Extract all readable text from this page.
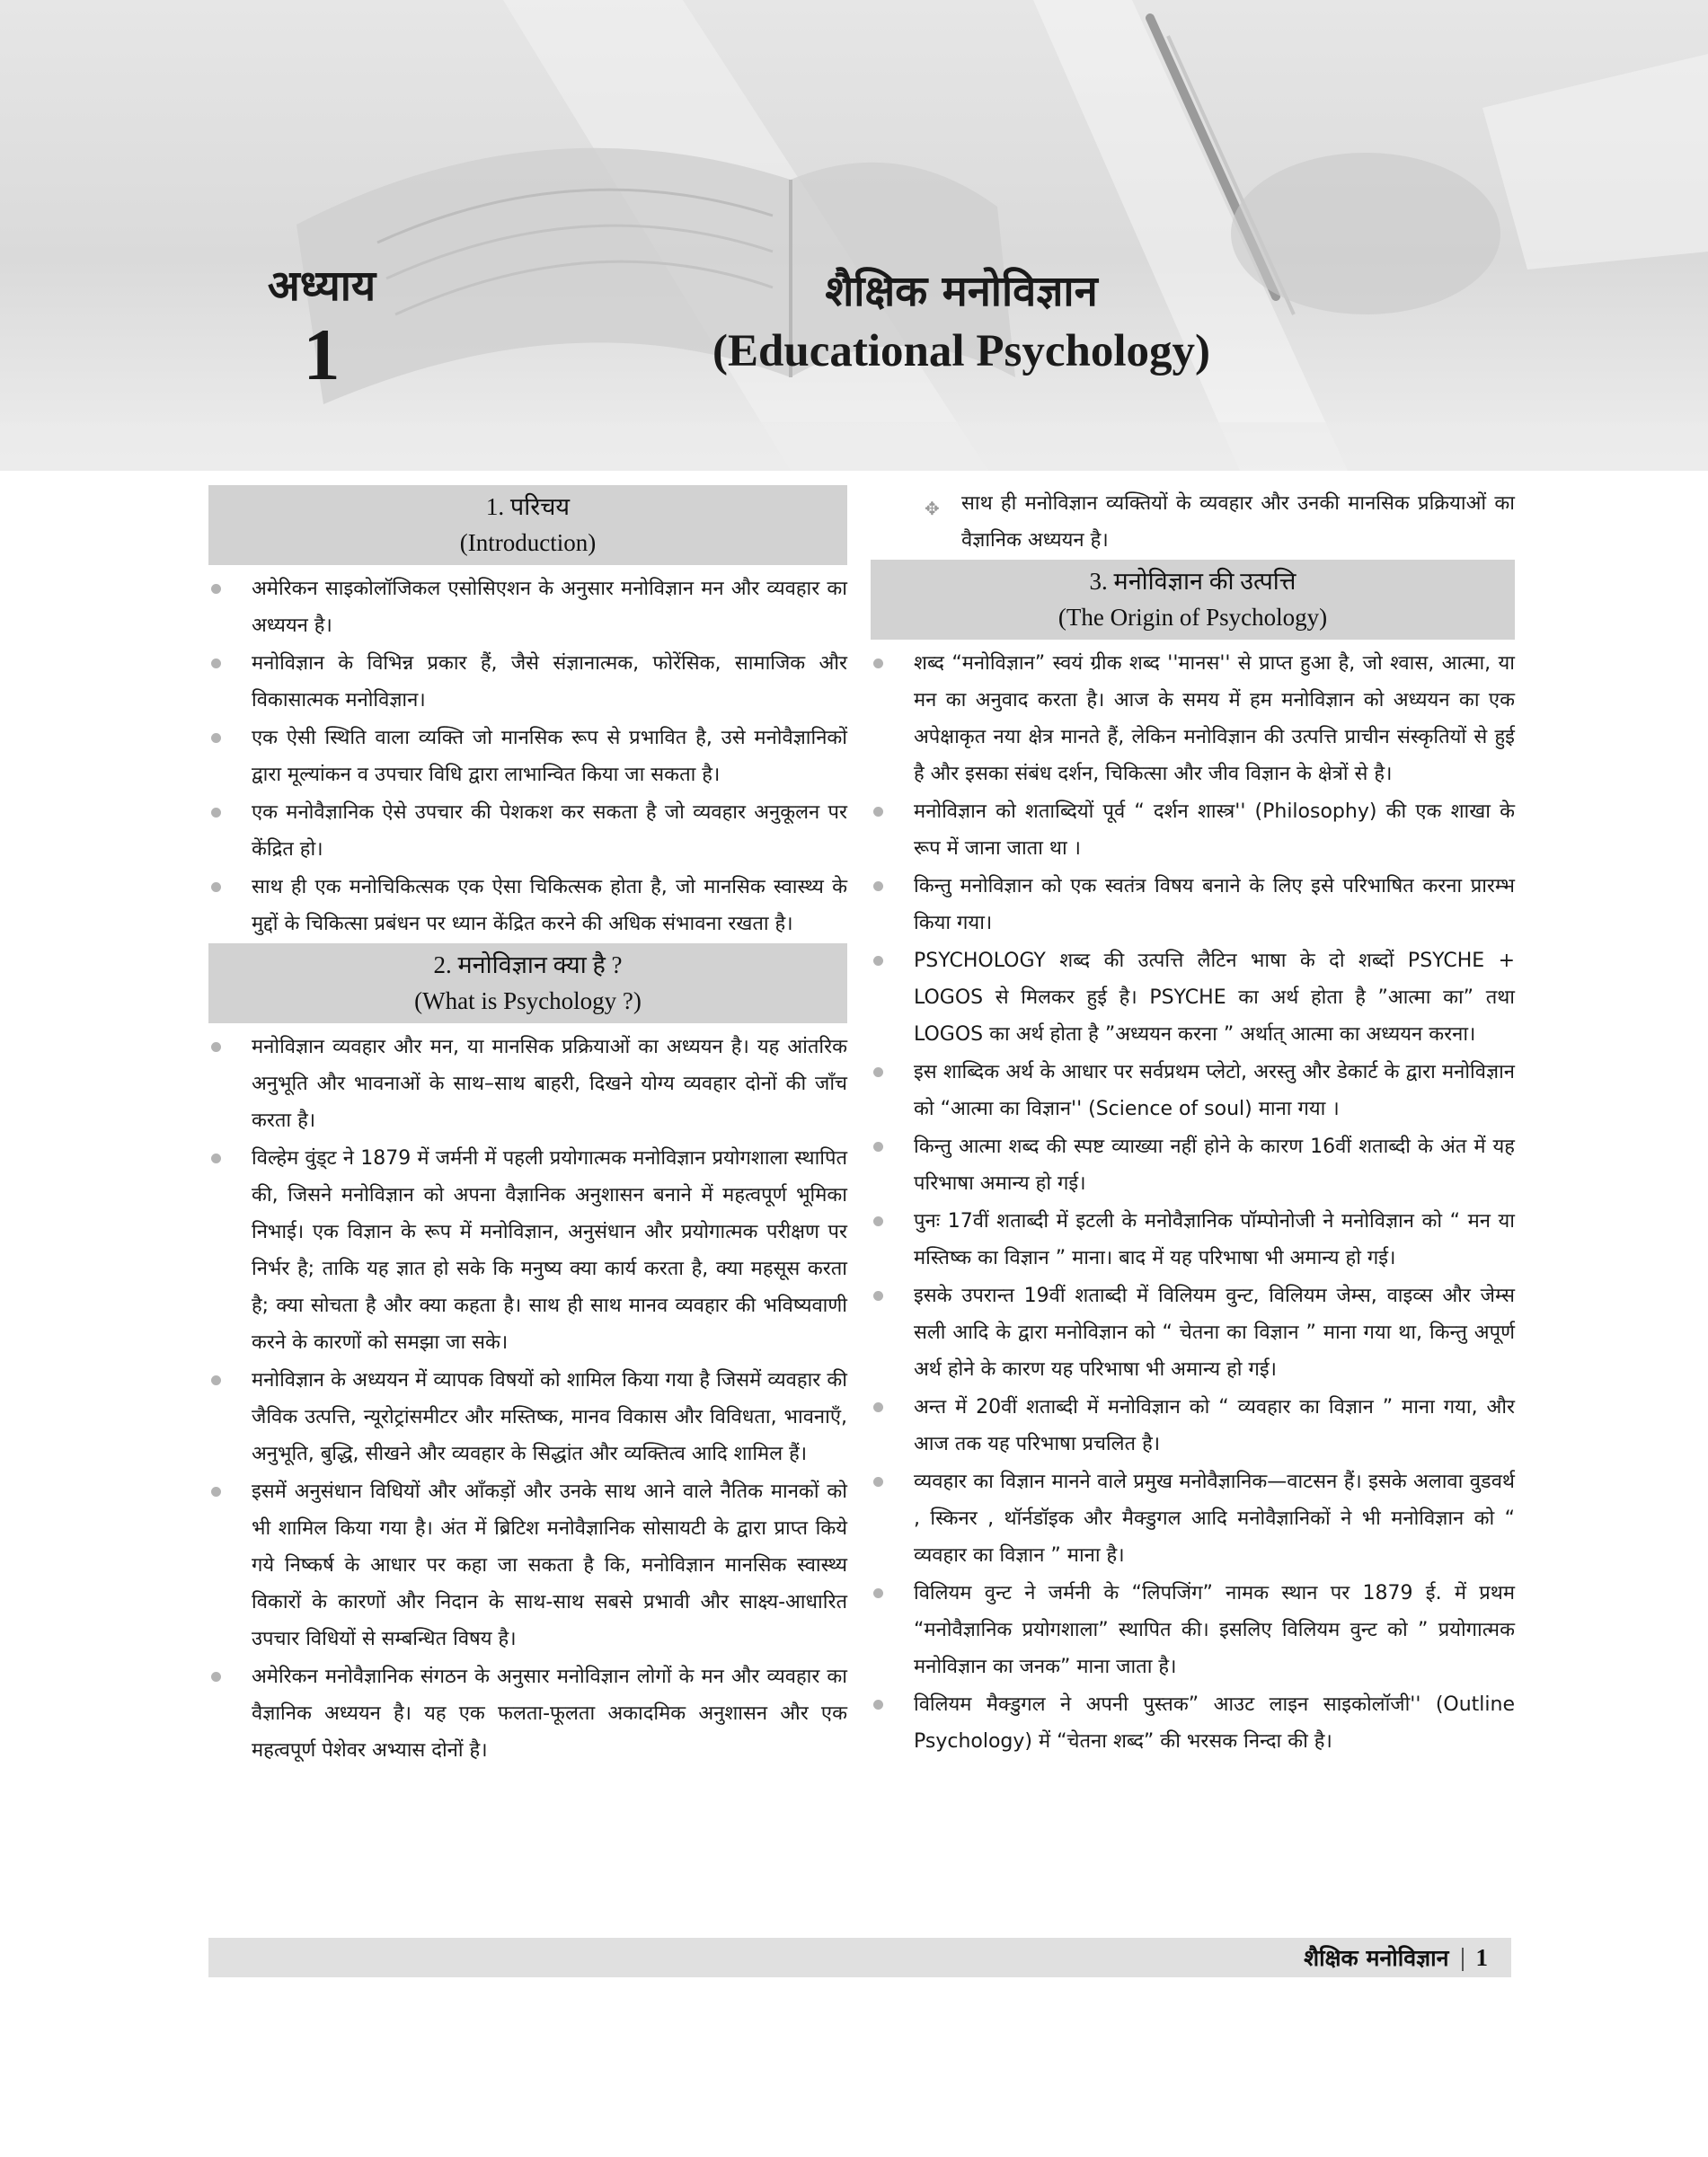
अध्याय
1
शैक्षिक मनोविज्ञान
(Educational Psychology)
1. परिचय
(Introduction)
अमेरिकन साइकोलॉजिकल एसोसिएशन के अनुसार मनोविज्ञान मन और व्यवहार का अध्ययन है।
मनोविज्ञान के विभिन्न प्रकार हैं, जैसे संज्ञानात्मक, फोरेंसिक, सामाजिक और विकासात्मक मनोविज्ञान।
एक ऐसी स्थिति वाला व्यक्ति जो मानसिक रूप से प्रभावित है, उसे मनोवैज्ञानिकों द्वारा मूल्यांकन व उपचार विधि द्वारा लाभान्वित किया जा सकता है।
एक मनोवैज्ञानिक ऐसे उपचार की पेशकश कर सकता है जो व्यवहार अनुकूलन पर केंद्रित हो।
साथ ही एक मनोचिकित्सक एक ऐसा चिकित्सक होता है, जो मानसिक स्वास्थ्य के मुद्दों के चिकित्सा प्रबंधन पर ध्यान केंद्रित करने की अधिक संभावना रखता है।
2. मनोविज्ञान क्या है ?
(What is Psychology ?)
मनोविज्ञान व्यवहार और मन, या मानसिक प्रक्रियाओं का अध्ययन है। यह आंतरिक अनुभूति और भावनाओं के साथ–साथ बाहरी, दिखने योग्य व्यवहार दोनों की जाँच करता है।
विल्हेम वुंड्ट ने 1879 में जर्मनी में पहली प्रयोगात्मक मनोविज्ञान प्रयोगशाला स्थापित की, जिसने मनोविज्ञान को अपना वैज्ञानिक अनुशासन बनाने में महत्वपूर्ण भूमिका निभाई। एक विज्ञान के रूप में मनोविज्ञान, अनुसंधान और प्रयोगात्मक परीक्षण पर निर्भर है; ताकि यह ज्ञात हो सके कि मनुष्य क्या कार्य करता है, क्या महसूस करता है; क्या सोचता है और क्या कहता है। साथ ही साथ मानव व्यवहार की भविष्यवाणी करने के कारणों को समझा जा सके।
मनोविज्ञान के अध्ययन में व्यापक विषयों को शामिल किया गया है जिसमें व्यवहार की जैविक उत्पत्ति, न्यूरोट्रांसमीटर और मस्तिष्क, मानव विकास और विविधता, भावनाएँ, अनुभूति, बुद्धि, सीखने और व्यवहार के सिद्धांत और व्यक्तित्व आदि शामिल हैं।
इसमें अनुसंधान विधियों और आँकड़ों और उनके साथ आने वाले नैतिक मानकों को भी शामिल किया गया है। अंत में ब्रिटिश मनोवैज्ञानिक सोसायटी के द्वारा प्राप्त किये गये निष्कर्ष के आधार पर कहा जा सकता है कि, मनोविज्ञान मानसिक स्वास्थ्य विकारों के कारणों और निदान के साथ-साथ सबसे प्रभावी और साक्ष्य-आधारित उपचार विधियों से सम्बन्धित विषय है।
अमेरिकन मनोवैज्ञानिक संगठन के अनुसार मनोविज्ञान लोगों के मन और व्यवहार का वैज्ञानिक अध्ययन है। यह एक फलता-फूलता अकादमिक अनुशासन और एक महत्वपूर्ण पेशेवर अभ्यास दोनों है।
✥ साथ ही मनोविज्ञान व्यक्तियों के व्यवहार और उनकी मानसिक प्रक्रियाओं का वैज्ञानिक अध्ययन है।
3. मनोविज्ञान की उत्पत्ति
(The Origin of Psychology)
शब्द “मनोविज्ञान” स्वयं ग्रीक शब्द ''मानस'' से प्राप्त हुआ है, जो श्वास, आत्मा, या मन का अनुवाद करता है। आज के समय में हम मनोविज्ञान को अध्ययन का एक अपेक्षाकृत नया क्षेत्र मानते हैं, लेकिन मनोविज्ञान की उत्पत्ति प्राचीन संस्कृतियों से हुई है और इसका संबंध दर्शन, चिकित्सा और जीव विज्ञान के क्षेत्रों से है।
मनोविज्ञान को शताब्दियों पूर्व “ दर्शन शास्त्र'' (Philosophy) की एक शाखा के रूप में जाना जाता था ।
किन्तु मनोविज्ञान को एक स्वतंत्र विषय बनाने के लिए इसे परिभाषित करना प्रारम्भ किया गया।
PSYCHOLOGY शब्द की उत्पत्ति लैटिन भाषा के दो शब्दों PSYCHE + LOGOS से मिलकर हुई है। PSYCHE का अर्थ होता है ”आत्मा का” तथा LOGOS का अर्थ होता है ”अध्ययन करना ” अर्थात् आत्मा का अध्ययन करना।
इस शाब्दिक अर्थ के आधार पर सर्वप्रथम प्लेटो, अरस्तु और डेकार्ट के द्वारा मनोविज्ञान को “आत्मा का विज्ञान'' (Science of soul) माना गया ।
किन्तु आत्मा शब्द की स्पष्ट व्याख्या नहीं होने के कारण 16वीं शताब्दी के अंत में यह परिभाषा अमान्य हो गई।
पुनः 17वीं शताब्दी में इटली के मनोवैज्ञानिक पॉम्पोनोजी ने मनोविज्ञान को “ मन या मस्तिष्क का विज्ञान ” माना। बाद में यह परिभाषा भी अमान्य हो गई।
इसके उपरान्त 19वीं शताब्दी में विलियम वुन्ट, विलियम जेम्स, वाइव्स और जेम्स सली आदि के द्वारा मनोविज्ञान को “ चेतना का विज्ञान ” माना गया था, किन्तु अपूर्ण अर्थ होने के कारण यह परिभाषा भी अमान्य हो गई।
अन्त में 20वीं शताब्दी में मनोविज्ञान को “ व्यवहार का विज्ञान ” माना गया, और आज तक यह परिभाषा प्रचलित है।
व्यवहार का विज्ञान मानने वाले प्रमुख मनोवैज्ञानिक—वाटसन हैं। इसके अलावा वुडवर्थ , स्किनर , थॉर्नडॉइक और मैक्डुगल आदि मनोवैज्ञानिकों ने भी मनोविज्ञान को “ व्यवहार का विज्ञान ” माना है।
विलियम वुन्ट ने जर्मनी के “लिपजिंग” नामक स्थान पर 1879 ई. में प्रथम “मनोवैज्ञानिक प्रयोगशाला” स्थापित की। इसलिए विलियम वुन्ट को ” प्रयोगात्मक मनोविज्ञान का जनक” माना जाता है।
विलियम मैक्डुगल ने अपनी पुस्तक” आउट लाइन साइकोलॉजी'' (Outline Psychology) में “चेतना शब्द” की भरसक निन्दा की है।
शैक्षिक मनोविज्ञान 1
